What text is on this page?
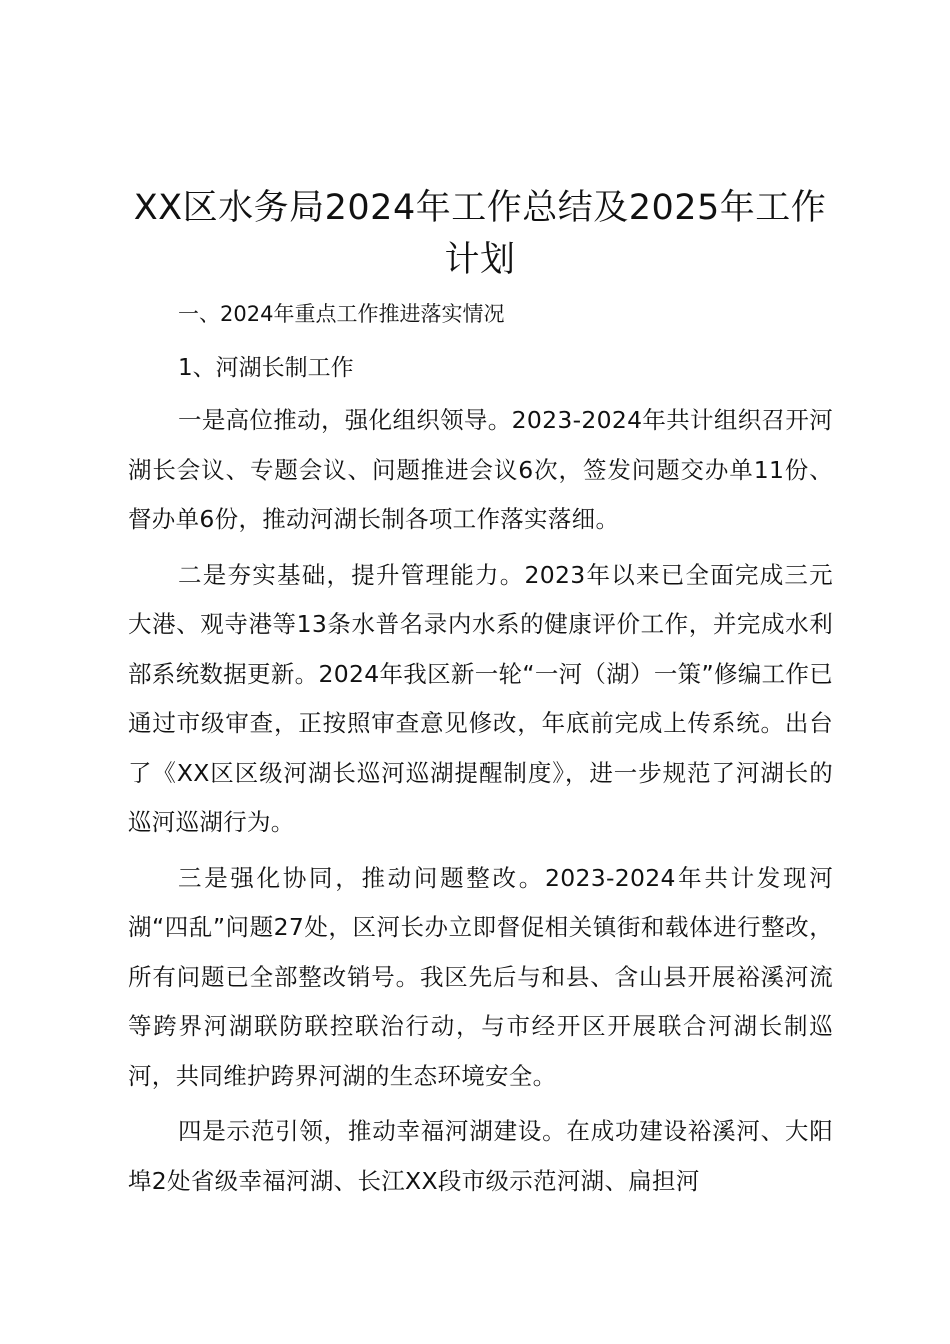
XX区水务局2024年工作总结及2025年工作计划

一、2024年重点工作推进落实情况

1、河湖长制工作

一是高位推动，强化组织领导。2023-2024年共计组织召开河湖长会议、专题会议、问题推进会议6次，签发问题交办单11份、督办单6份，推动河湖长制各项工作落实落细。

二是夯实基础，提升管理能力。2023年以来已全面完成三元大港、观寺港等13条水普名录内水系的健康评价工作，并完成水利部系统数据更新。2024年我区新一轮“一河（湖）一策”修编工作已通过市级审查，正按照审查意见修改，年底前完成上传系统。出台了《XX区区级河湖长巡河巡湖提醒制度》，进一步规范了河湖长的巡河巡湖行为。

三是强化协同，推动问题整改。2023-2024年共计发现河湖“四乱”问题27处，区河长办立即督促相关镇街和载体进行整改，所有问题已全部整改销号。我区先后与和县、含山县开展裕溪河流等跨界河湖联防联控联治行动，与市经开区开展联合河湖长制巡河，共同维护跨界河湖的生态环境安全。

四是示范引领，推动幸福河湖建设。在成功建设裕溪河、大阳埠2处省级幸福河湖、长江XX段市级示范河湖、扁担河
